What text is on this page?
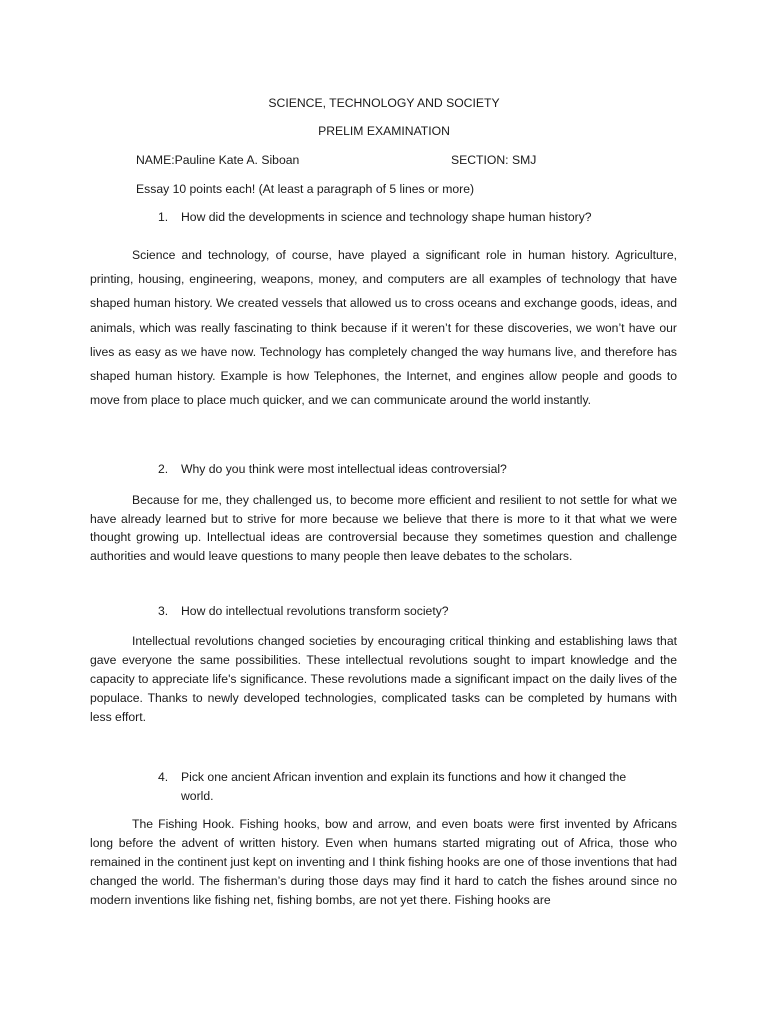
SCIENCE, TECHNOLOGY AND SOCIETY
PRELIM EXAMINATION
NAME:Pauline Kate A. Siboan	SECTION: SMJ
Essay 10 points each! (At least a paragraph of 5 lines or more)
1. How did the developments in science and technology shape human history?

Science and technology, of course, have played a significant role in human history. Agriculture, printing, housing, engineering, weapons, money, and computers are all examples of technology that have shaped human history. We created vessels that allowed us to cross oceans and exchange goods, ideas, and animals, which was really fascinating to think because if it weren’t for these discoveries, we won’t have our lives as easy as we have now. Technology has completely changed the way humans live, and therefore has shaped human history. Example is how Telephones, the Internet, and engines allow people and goods to move from place to place much quicker, and we can communicate around the world instantly.

2. Why do you think were most intellectual ideas controversial?

Because for me, they challenged us, to become more efficient and resilient to not settle for what we have already learned but to strive for more because we believe that there is more to it that what we were thought growing up. Intellectual ideas are controversial because they sometimes question and challenge authorities and would leave questions to many people then leave debates to the scholars.

3. How do intellectual revolutions transform society?

Intellectual revolutions changed societies by encouraging critical thinking and establishing laws that gave everyone the same possibilities. These intellectual revolutions sought to impart knowledge and the capacity to appreciate life's significance. These revolutions made a significant impact on the daily lives of the populace. Thanks to newly developed technologies, complicated tasks can be completed by humans with less effort.

4.	Pick one ancient African invention and explain its functions and how it changed the world.

The Fishing Hook. Fishing hooks, bow and arrow, and even boats were first invented by Africans long before the advent of written history. Even when humans started migrating out of Africa, those who remained in the continent just kept on inventing and I think fishing hooks are one of those inventions that had changed the world. The fisherman’s during those days may find it hard to catch the fishes around since no modern inventions like fishing net, fishing bombs, are not yet there. Fishing hooks are
